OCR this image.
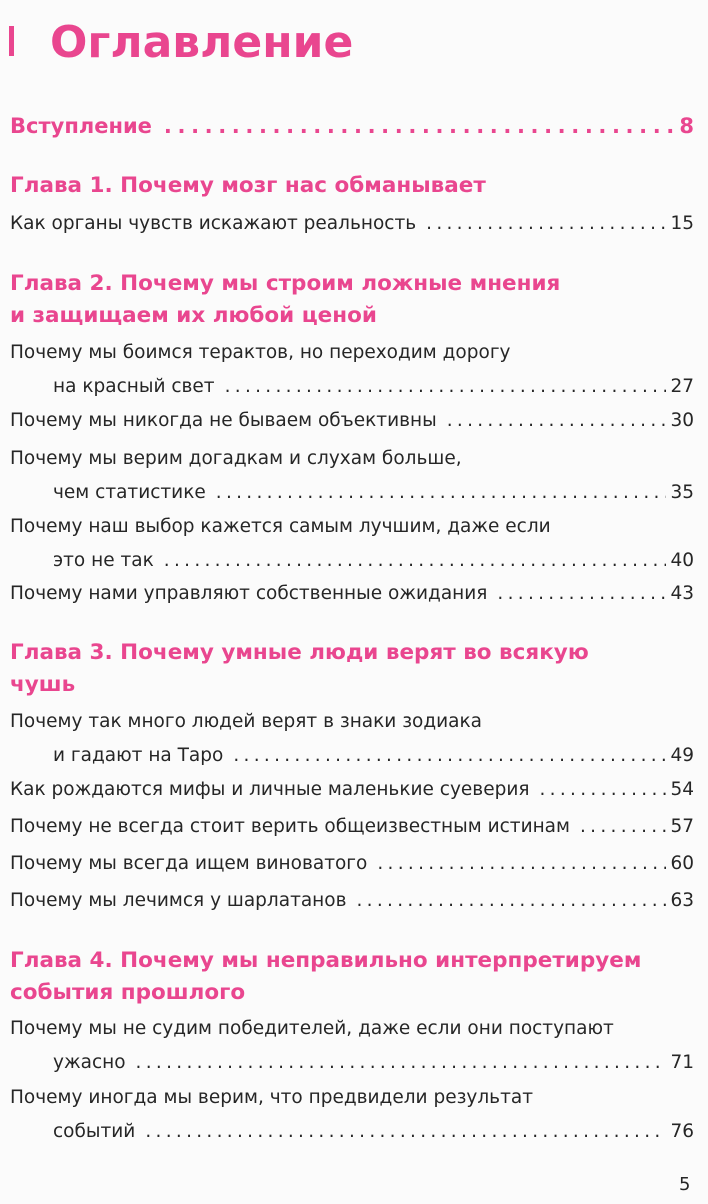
Оглавление
Вступление .....	8
Глава 1. Почему мозг нас обманывает
Как органы чувств искажают реальность .....	15
Глава 2. Почему мы строим ложные мнения
и защищаем их любой ценой
Почему мы боимся терактов, но переходим дорогу
на красный свет .....	27
Почему мы никогда не бываем объективны .....	30
Почему мы верим догадкам и слухам больше,
чем статистике .....	35
Почему наш выбор кажется самым лучшим, даже если
это не так .....	40
Почему нами управляют собственные ожидания .....	43
Глава 3. Почему умные люди верят во всякую
чушь
Почему так много людей верят в знаки зодиака
и гадают на Таро .....	49
Как рождаются мифы и личные маленькие суеверия .....	54
Почему не всегда стоит верить общеизвестным истинам .....	57
Почему мы всегда ищем виноватого .....	60
Почему мы лечимся у шарлатанов .....	63
Глава 4. Почему мы неправильно интерпретируем
события прошлого
Почему мы не судим победителей, даже если они поступают
ужасно .....	71
Почему иногда мы верим, что предвидели результат
событий .....	76
5
